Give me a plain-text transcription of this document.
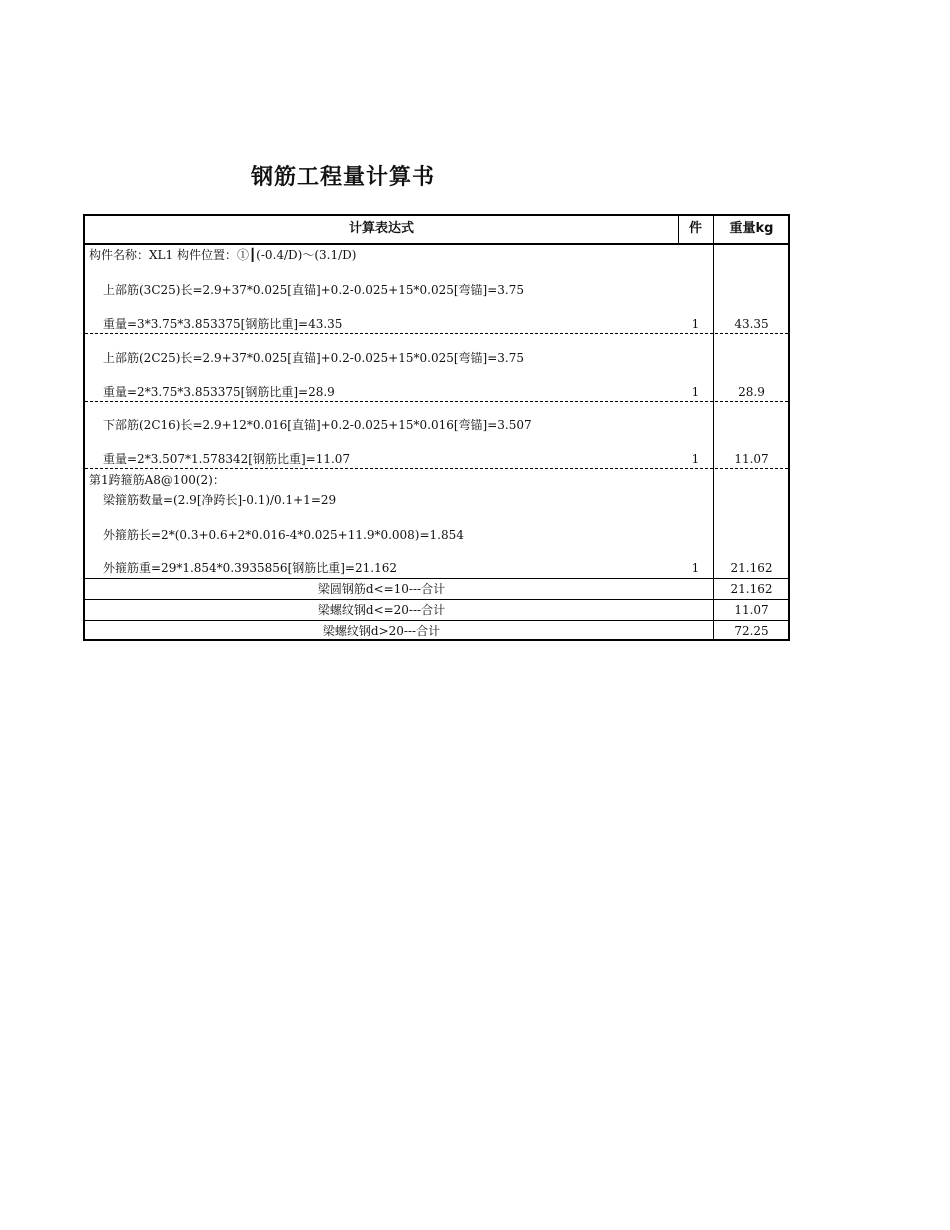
钢筋工程量计算书
计算表达式	件	重量kg
构件名称：XL1 构件位置：①┃(-0.4/D)～(3.1/D)
上部筋(3C25)长=2.9+37*0.025[直锚]+0.2-0.025+15*0.025[弯锚]=3.75
重量=3*3.75*3.853375[钢筋比重]=43.35	1	43.35
上部筋(2C25)长=2.9+37*0.025[直锚]+0.2-0.025+15*0.025[弯锚]=3.75
重量=2*3.75*3.853375[钢筋比重]=28.9	1	28.9
下部筋(2C16)长=2.9+12*0.016[直锚]+0.2-0.025+15*0.016[弯锚]=3.507
重量=2*3.507*1.578342[钢筋比重]=11.07	1	11.07
第1跨箍筋A8@100(2)：
梁箍筋数量=(2.9[净跨长]-0.1)/0.1+1=29
外箍筋长=2*(0.3+0.6+2*0.016-4*0.025+11.9*0.008)=1.854
外箍筋重=29*1.854*0.3935856[钢筋比重]=21.162	1	21.162
梁圆钢筋d<=10---合计	21.162
梁螺纹钢d<=20---合计	11.07
梁螺纹钢d>20---合计	72.25
